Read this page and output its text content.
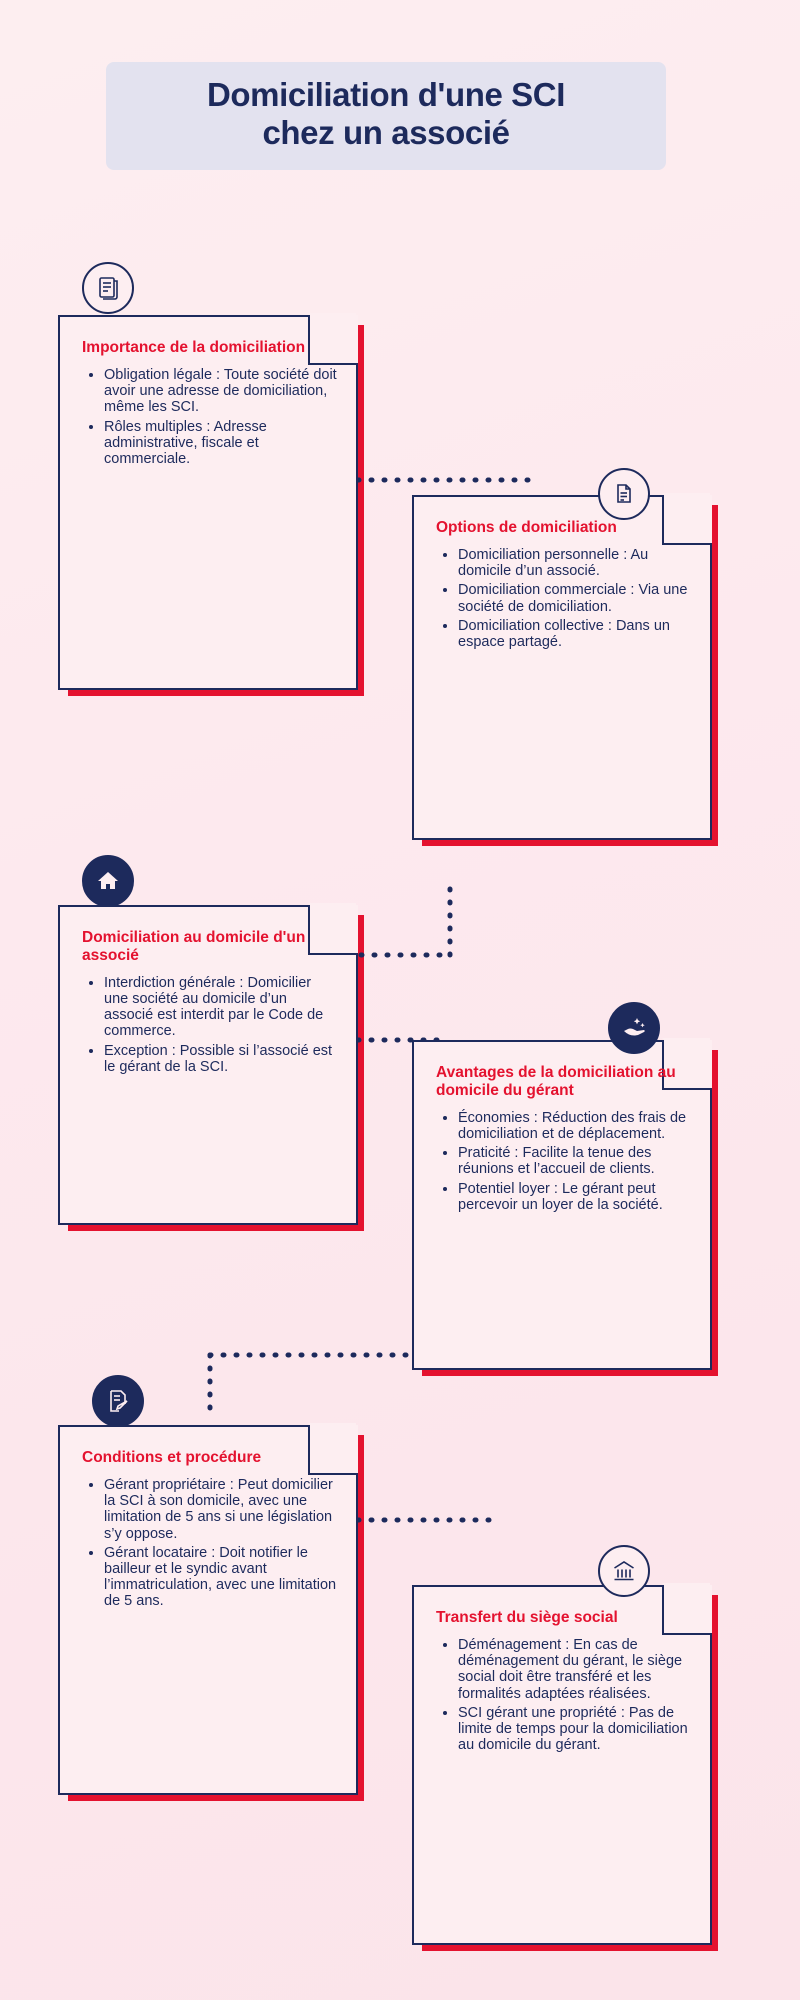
Domiciliation d'une SCI
chez un associé
Importance de la domiciliation
• Obligation légale : Toute société doit avoir une adresse de domiciliation, même les SCI.
• Rôles multiples : Adresse administrative, fiscale et commerciale.
Options de domiciliation
• Domiciliation personnelle : Au domicile d’un associé.
• Domiciliation commerciale : Via une société de domiciliation.
• Domiciliation collective : Dans un espace partagé.
Domiciliation au domicile d'un associé
• Interdiction générale : Domicilier une société au domicile d’un associé est interdit par le Code de commerce.
• Exception : Possible si l’associé est le gérant de la SCI.	Avantages de la domiciliation au domicile du gérant
• Économies : Réduction des frais de domiciliation et de déplacement.
• Praticité : Facilite la tenue des réunions et l’accueil de clients.
• Potentiel loyer : Le gérant peut percevoir un loyer de la société.
Conditions et procédure
• Gérant propriétaire : Peut domicilier la SCI à son domicile, avec une limitation de 5 ans si une législation s’y oppose.
• Gérant locataire : Doit notifier le bailleur et le syndic avant l’immatriculation, avec une limitation de 5 ans.
Transfert du siège social
• Déménagement : En cas de déménagement du gérant, le siège social doit être transféré et les formalités adaptées réalisées.
• SCI gérant une propriété : Pas de limite de temps pour la domiciliation au domicile du gérant.
